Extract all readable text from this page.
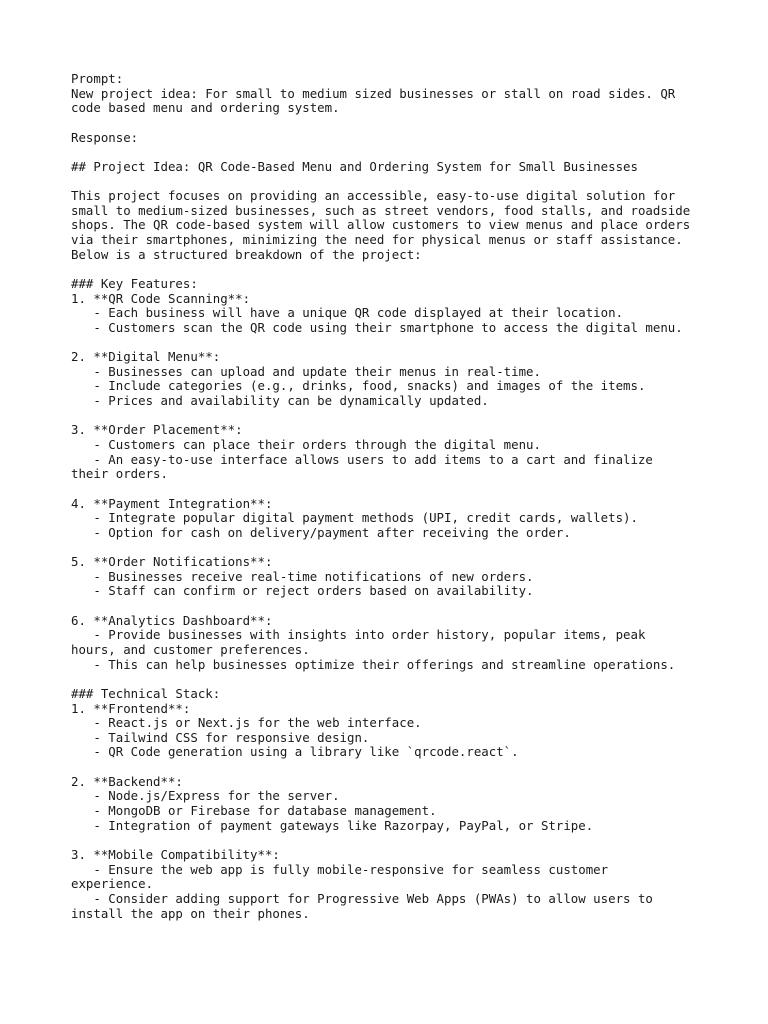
Prompt:
New project idea: For small to medium sized businesses or stall on road sides. QR
code based menu and ordering system.
Response:
## Project Idea: QR Code-Based Menu and Ordering System for Small Businesses
This project focuses on providing an accessible, easy-to-use digital solution for
small to medium-sized businesses, such as street vendors, food stalls, and roadside
shops. The QR code-based system will allow customers to view menus and place orders
via their smartphones, minimizing the need for physical menus or staff assistance.
Below is a structured breakdown of the project:
### Key Features:
1. **QR Code Scanning**:
- Each business will have a unique QR code displayed at their location.
- Customers scan the QR code using their smartphone to access the digital menu.
2. **Digital Menu**:
- Businesses can upload and update their menus in real-time.
- Include categories (e.g., drinks, food, snacks) and images of the items.
- Prices and availability can be dynamically updated.
3. **Order Placement**:
- Customers can place their orders through the digital menu.
- An easy-to-use interface allows users to add items to a cart and finalize
their orders.
4. **Payment Integration**:
- Integrate popular digital payment methods (UPI, credit cards, wallets).
- Option for cash on delivery/payment after receiving the order.
5. **Order Notifications**:
- Businesses receive real-time notifications of new orders.
- Staff can confirm or reject orders based on availability.
6. **Analytics Dashboard**:
- Provide businesses with insights into order history, popular items, peak
hours, and customer preferences.
- This can help businesses optimize their offerings and streamline operations.
### Technical Stack:
1. **Frontend**:
- React.js or Next.js for the web interface.
- Tailwind CSS for responsive design.
- QR Code generation using a library like `qrcode.react`.
2. **Backend**:
- Node.js/Express for the server.
- MongoDB or Firebase for database management.
- Integration of payment gateways like Razorpay, PayPal, or Stripe.
3. **Mobile Compatibility**:
- Ensure the web app is fully mobile-responsive for seamless customer
experience.
- Consider adding support for Progressive Web Apps (PWAs) to allow users to
install the app on their phones.
